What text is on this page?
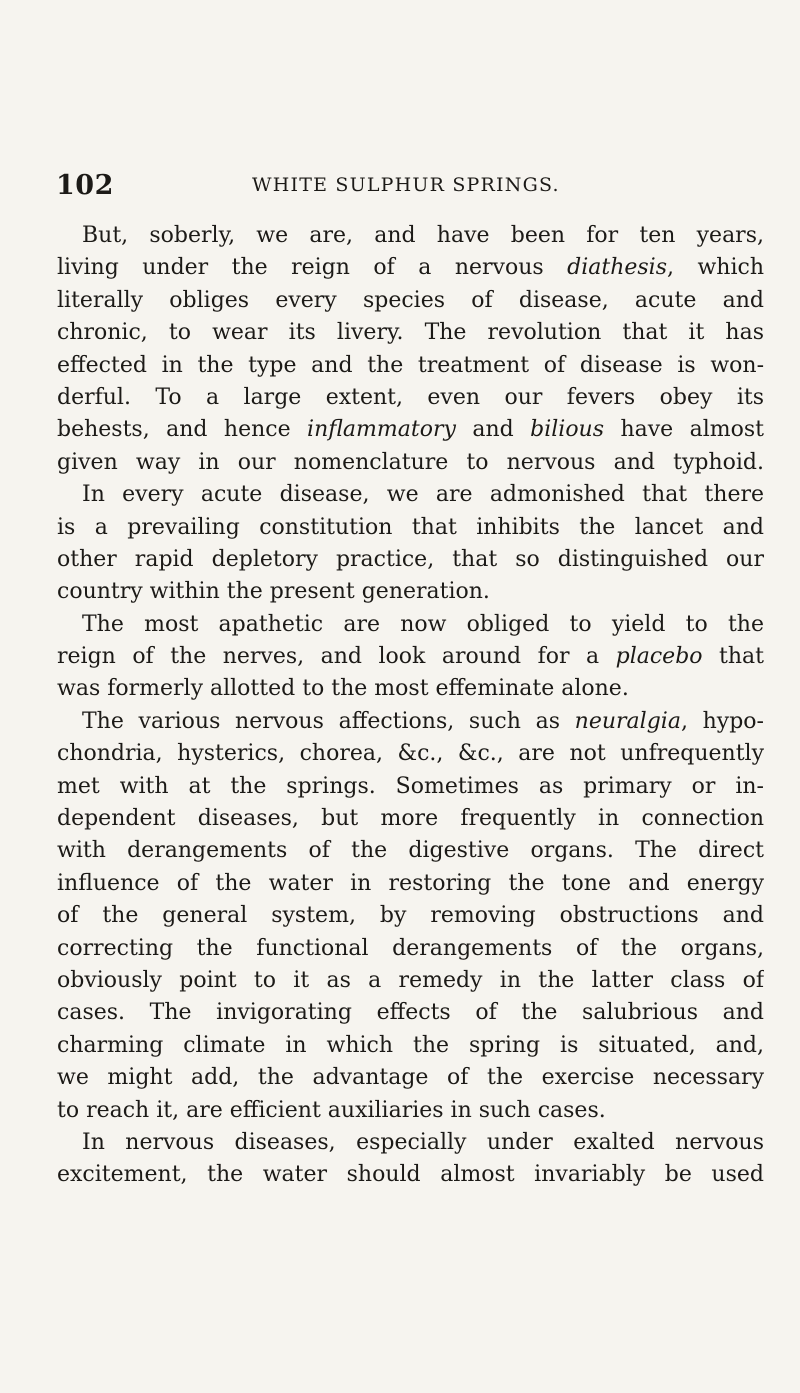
102	WHITE SULPHUR SPRINGS.
But, soberly, we are, and have been for ten years,
living under the reign of a nervous diathesis, which
literally obliges every species of disease, acute and
chronic, to wear its livery. The revolution that it has
effected in the type and the treatment of disease is won-
derful. To a large extent, even our fevers obey its
behests, and hence inflammatory and bilious have almost
given way in our nomenclature to nervous and typhoid.
In every acute disease, we are admonished that there
is a prevailing constitution that inhibits the lancet and
other rapid depletory practice, that so distinguished our
country within the present generation.
The most apathetic are now obliged to yield to the
reign of the nerves, and look around for a placebo that
was formerly allotted to the most effeminate alone.
The various nervous affections, such as neuralgia, hypo-
chondria, hysterics, chorea, &c., &c., are not unfrequently
met with at the springs. Sometimes as primary or in-
dependent diseases, but more frequently in connection
with derangements of the digestive organs. The direct
influence of the water in restoring the tone and energy
of the general system, by removing obstructions and
correcting the functional derangements of the organs,
obviously point to it as a remedy in the latter class of
cases. The invigorating effects of the salubrious and
charming climate in which the spring is situated, and,
we might add, the advantage of the exercise necessary
to reach it, are efficient auxiliaries in such cases.
In nervous diseases, especially under exalted nervous
excitement, the water should almost invariably be used
